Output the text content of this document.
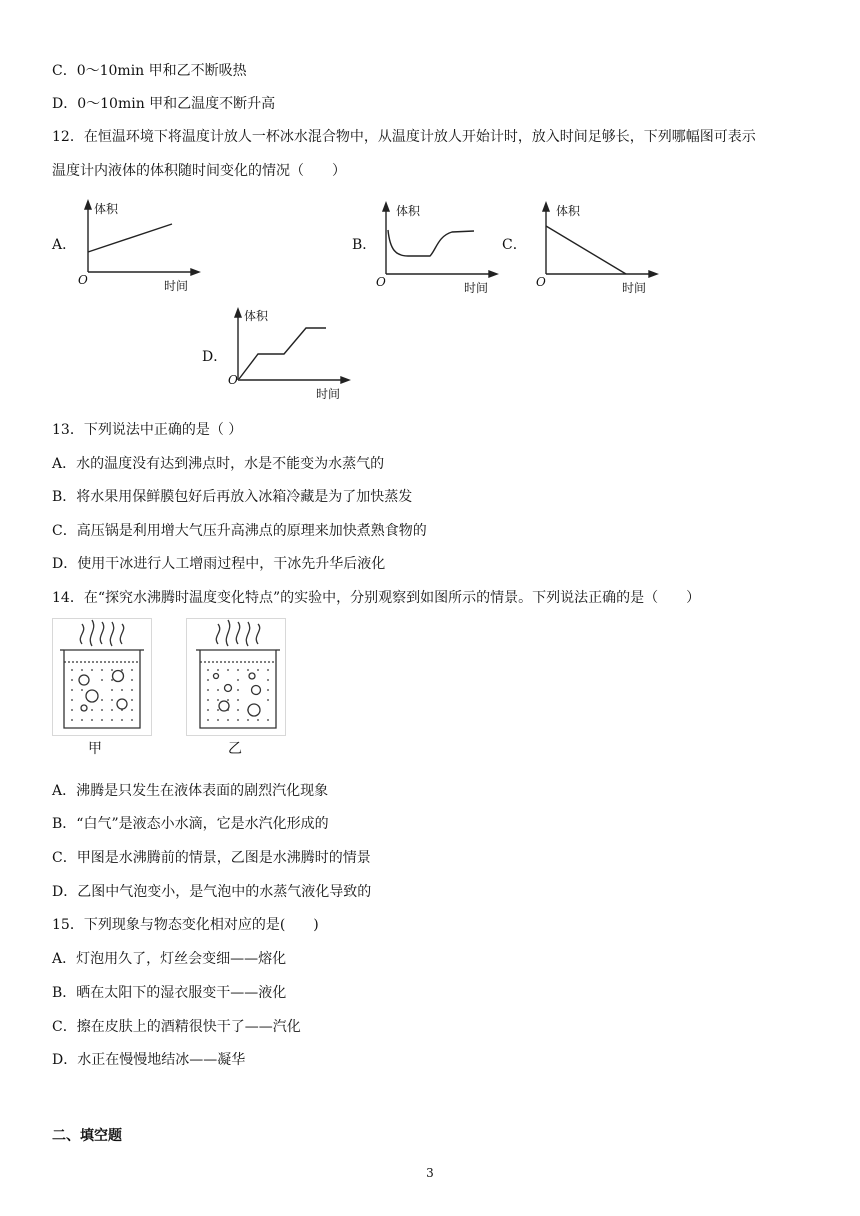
C．0～10min 甲和乙不断吸热
D．0～10min 甲和乙温度不断升高
12．在恒温环境下将温度计放人一杯冰水混合物中，从温度计放人开始计时，放入时间足够长，下列哪幅图可表示
温度计内液体的体积随时间变化的情况（　　）
A．
体积
O	时间
B．
体积
O	时间
C．
体积
O	时间
D．
体积
O
时间
13．下列说法中正确的是（ ）
A．水的温度没有达到沸点时，水是不能变为水蒸气的
B．将水果用保鲜膜包好后再放入冰箱冷藏是为了加快蒸发
C．高压锅是利用增大气压升高沸点的原理来加快煮熟食物的
D．使用干冰进行人工增雨过程中，干冰先升华后液化
14．在“探究水沸腾时温度变化特点”的实验中，分别观察到如图所示的情景。下列说法正确的是（　　）
甲	乙
A．沸腾是只发生在液体表面的剧烈汽化现象
B．“白气”是液态小水滴，它是水汽化形成的
C．甲图是水沸腾前的情景，乙图是水沸腾时的情景
D．乙图中气泡变小，是气泡中的水蒸气液化导致的
15．下列现象与物态变化相对应的是(　　)
A．灯泡用久了，灯丝会变细——熔化
B．晒在太阳下的湿衣服变干——液化
C．擦在皮肤上的酒精很快干了——汽化
D．水正在慢慢地结冰——凝华
二、填空题
3
